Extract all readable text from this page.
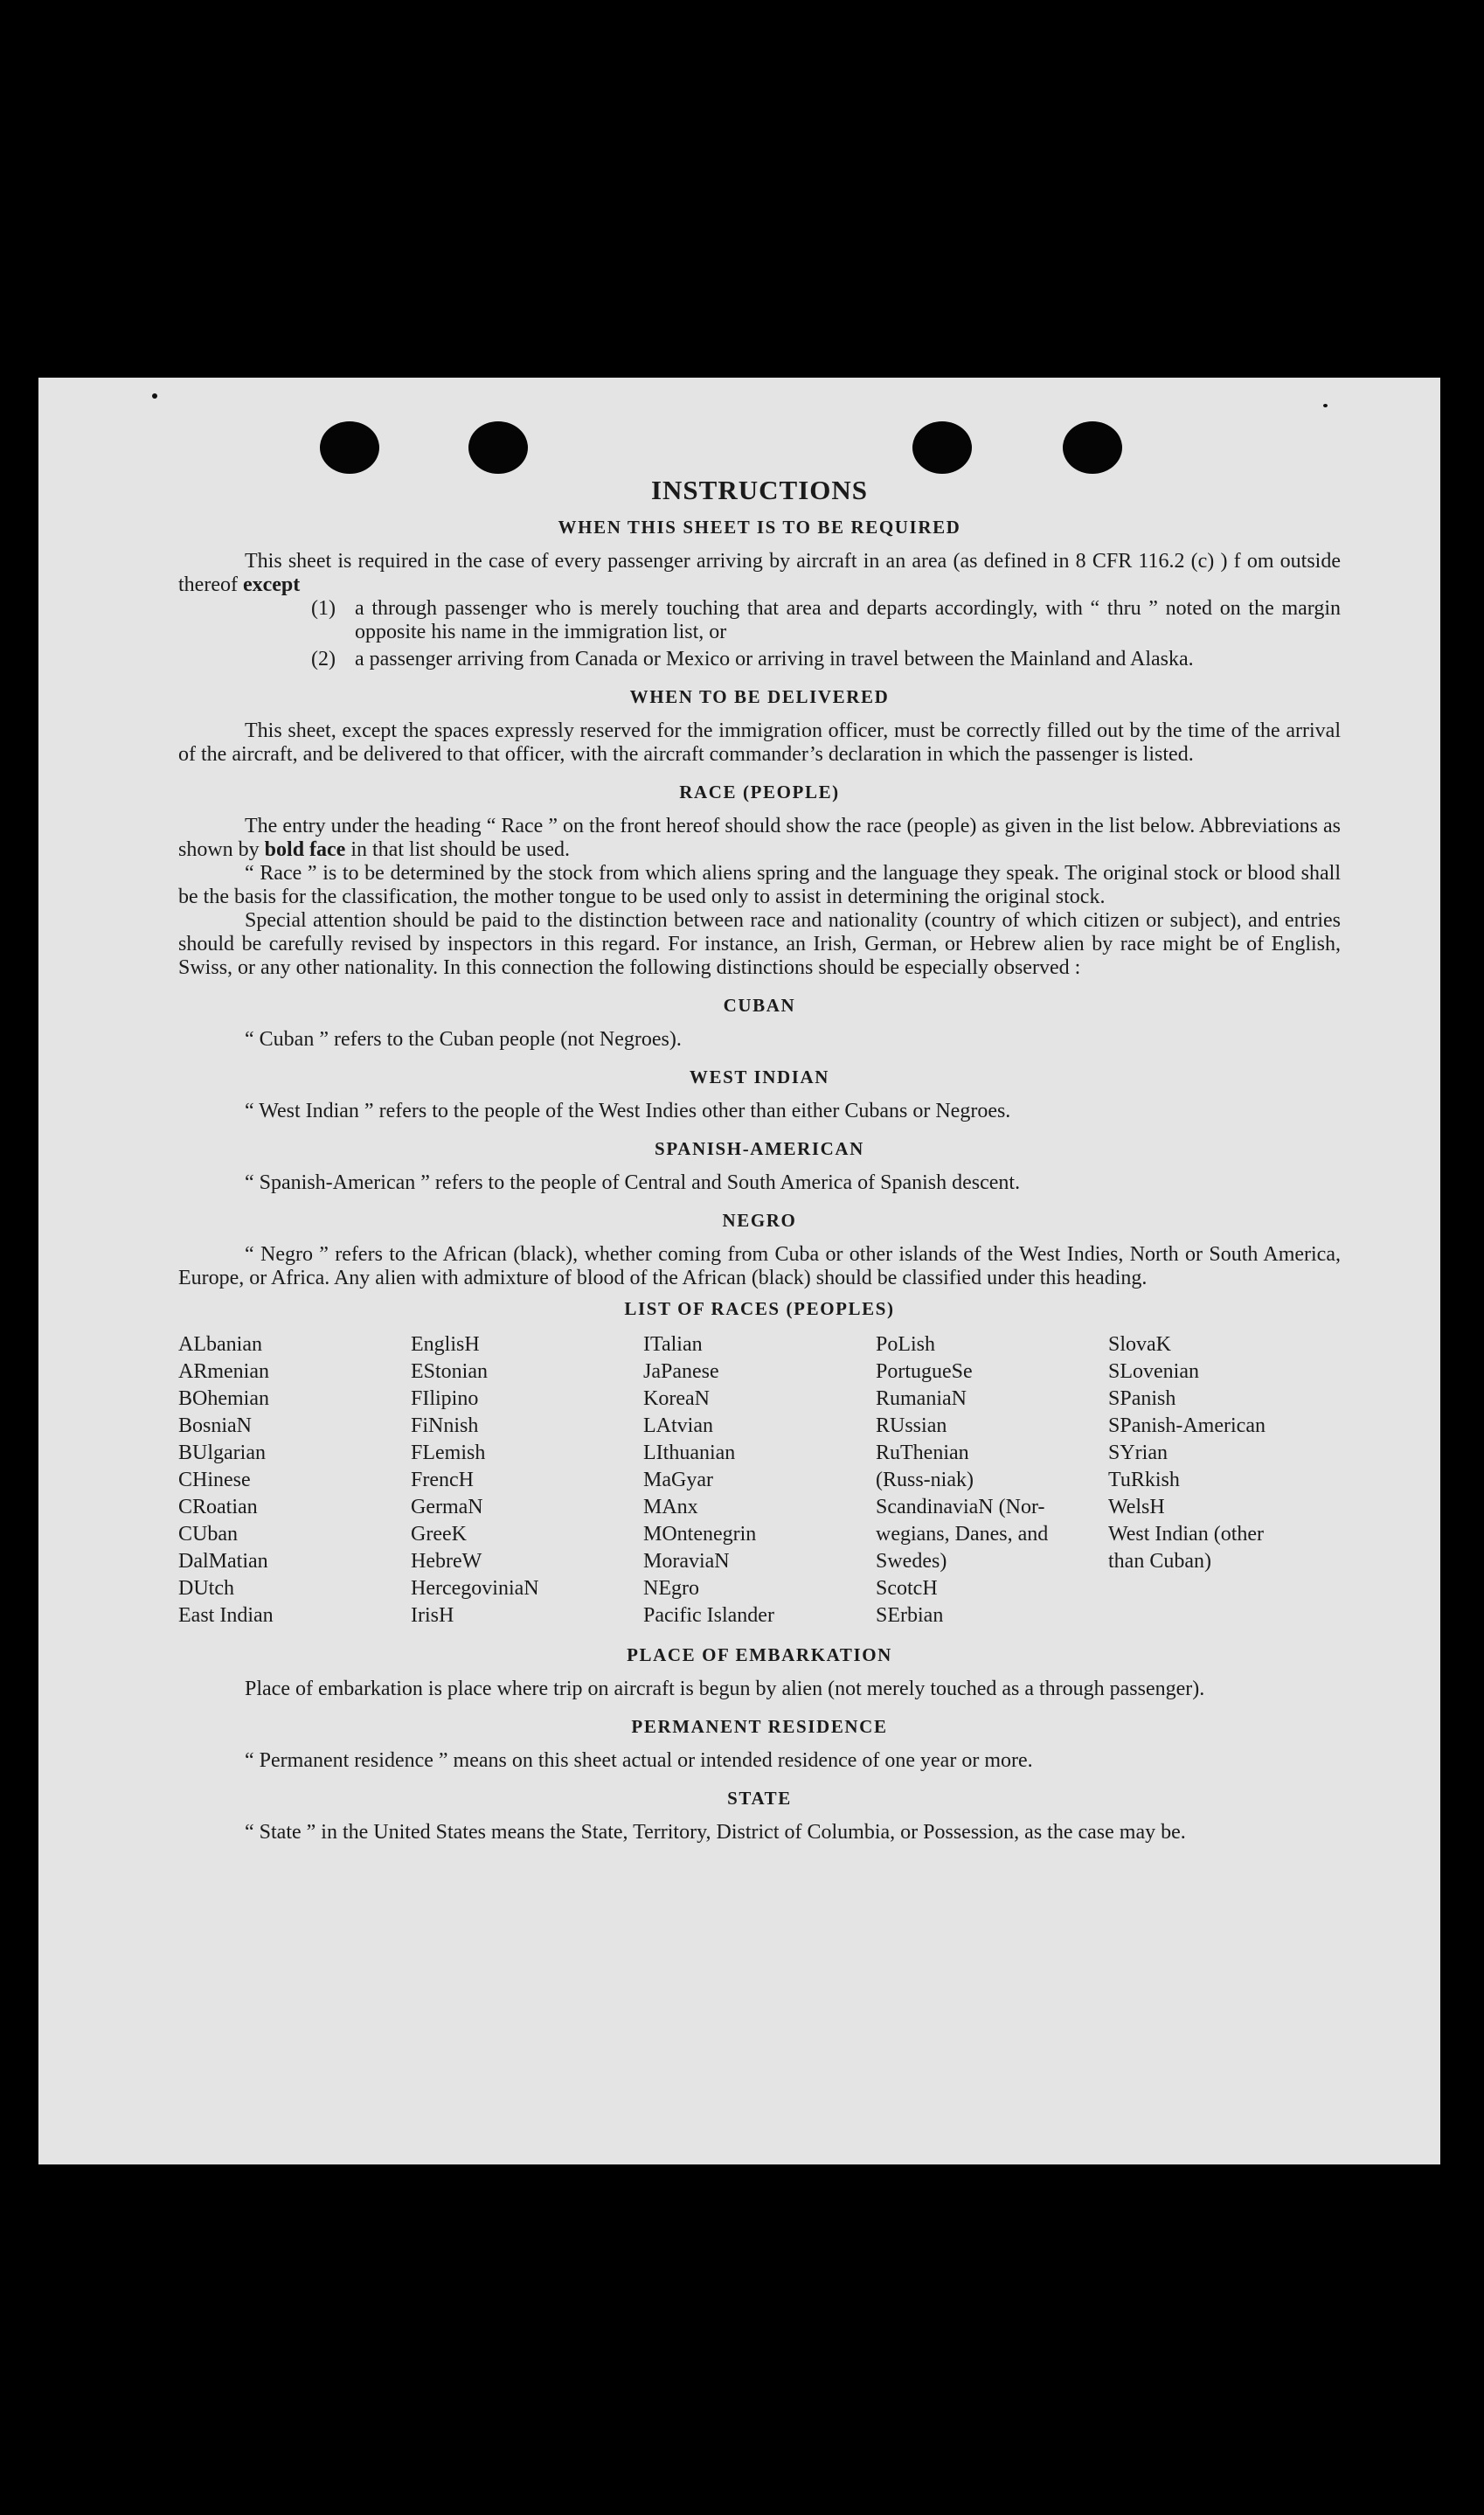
INSTRUCTIONS
WHEN THIS SHEET IS TO BE REQUIRED

This sheet is required in the case of every passenger arriving by aircraft in an area (as defined in 8 CFR 116.2 (c) ) f om outside thereof except

(1) a through passenger who is merely touching that area and departs accordingly, with “ thru ” noted on the margin opposite his name in the immigration list, or
(2) a passenger arriving from Canada or Mexico or arriving in travel between the Mainland and Alaska.
WHEN TO BE DELIVERED

This sheet, except the spaces expressly reserved for the immigration officer, must be correctly filled out by the time of the arrival of the aircraft, and be delivered to that officer, with the aircraft commander’s declaration in which the passenger is listed.

RACE (PEOPLE)

The entry under the heading “ Race ” on the front hereof should show the race (people) as given in the list below. Abbreviations as shown by bold face in that list should be used.

“ Race ” is to be determined by the stock from which aliens spring and the language they speak. The original stock or blood shall be the basis for the classification, the mother tongue to be used only to assist in determining the original stock.

Special attention should be paid to the distinction between race and nationality (country of which citizen or subject), and entries should be carefully revised by inspectors in this regard. For instance, an Irish, German, or Hebrew alien by race might be of English, Swiss, or any other nationality. In this connection the following distinctions should be especially observed :

CUBAN

“ Cuban ” refers to the Cuban people (not Negroes).

WEST INDIAN

“ West Indian ” refers to the people of the West Indies other than either Cubans or Negroes.

SPANISH-AMERICAN

“ Spanish-American ” refers to the people of Central and South America of Spanish descent.

NEGRO

“ Negro ” refers to the African (black), whether coming from Cuba or other islands of the West Indies, North or South America, Europe, or Africa. Any alien with admixture of blood of the African (black) should be classified under this heading.

LIST OF RACES (PEOPLES)
ALbanian
ARmenian
BOhemian
BosniaN
BUlgarian
CHinese
CRoatian
CUban
DalMatian
DUtch
East Indian
EnglisH
EStonian
FIlipino
FiNnish
FLemish
FrencH
GermaN
GreeK
HebreW
HercegoviniaN
IrisH
ITalian
JaPanese
KoreaN
LAtvian
LIthuanian
MaGyar
MAnx
MOntenegrin
MoraviaN
NEgro
Pacific Islander
PoLish
PortugueSe
RumaniaN
RUssian
RuThenian (Russ-niak)
ScandinaviaN (Nor-wegians, Danes, and Swedes)
ScotcH
SErbian
SlovaK
SLovenian
SPanish
SPanish-American
SYrian
TuRkish
WelsH
West Indian (other than Cuban)
PLACE OF EMBARKATION

Place of embarkation is place where trip on aircraft is begun by alien (not merely touched as a through passenger).

PERMANENT RESIDENCE

“ Permanent residence ” means on this sheet actual or intended residence of one year or more.

STATE

“ State ” in the United States means the State, Territory, District of Columbia, or Possession, as the case may be.
